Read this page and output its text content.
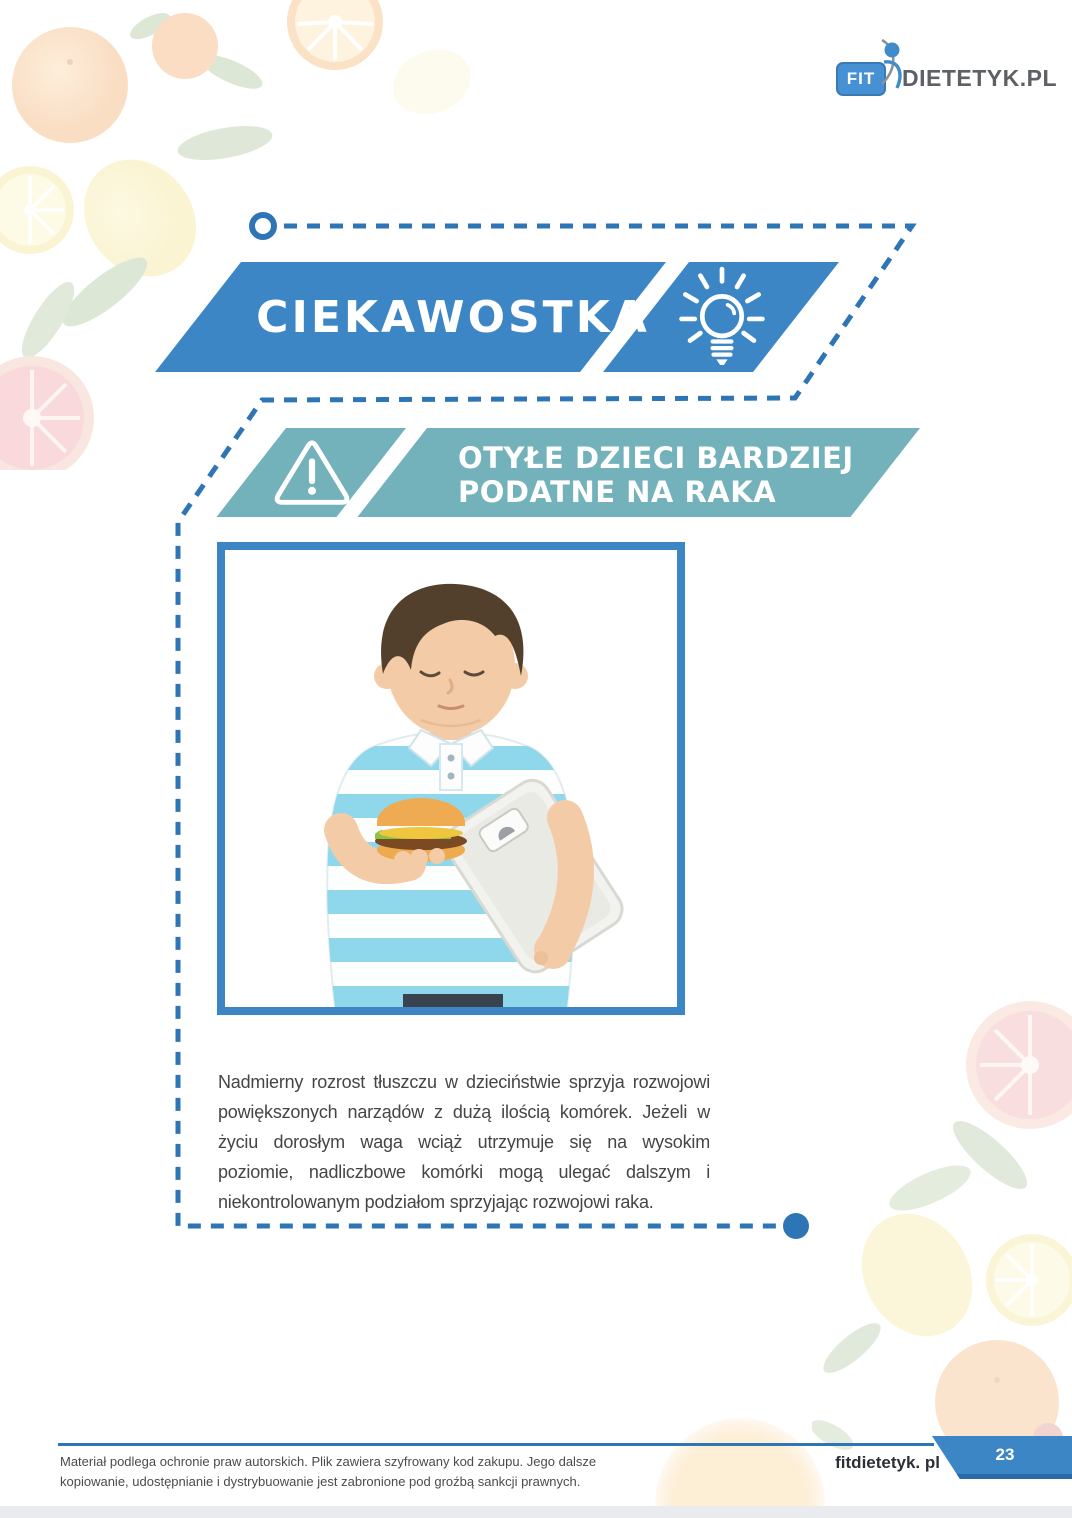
FIT	DIETETYK.PL
CIEKAWOSTKA
OTYŁE DZIECI BARDZIEJ
PODATNE NA RAKA

Nadmierny rozrost tłuszczu w dzieciństwie sprzyja rozwojowi powiększonych narządów z dużą ilością komórek. Jeżeli w życiu dorosłym waga wciąż utrzymuje się na wysokim poziomie, nadliczbowe komórki mogą ulegać dalszym i niekontrolowanym podziałom sprzyjając rozwojowi raka.

Materiał podlega ochronie praw autorskich. Plik zawiera szyfrowany kod zakupu. Jego dalsze
kopiowanie, udostępnianie i dystrybuowanie jest zabronione pod groźbą sankcji prawnych.
fitdietetyk. pl	23
